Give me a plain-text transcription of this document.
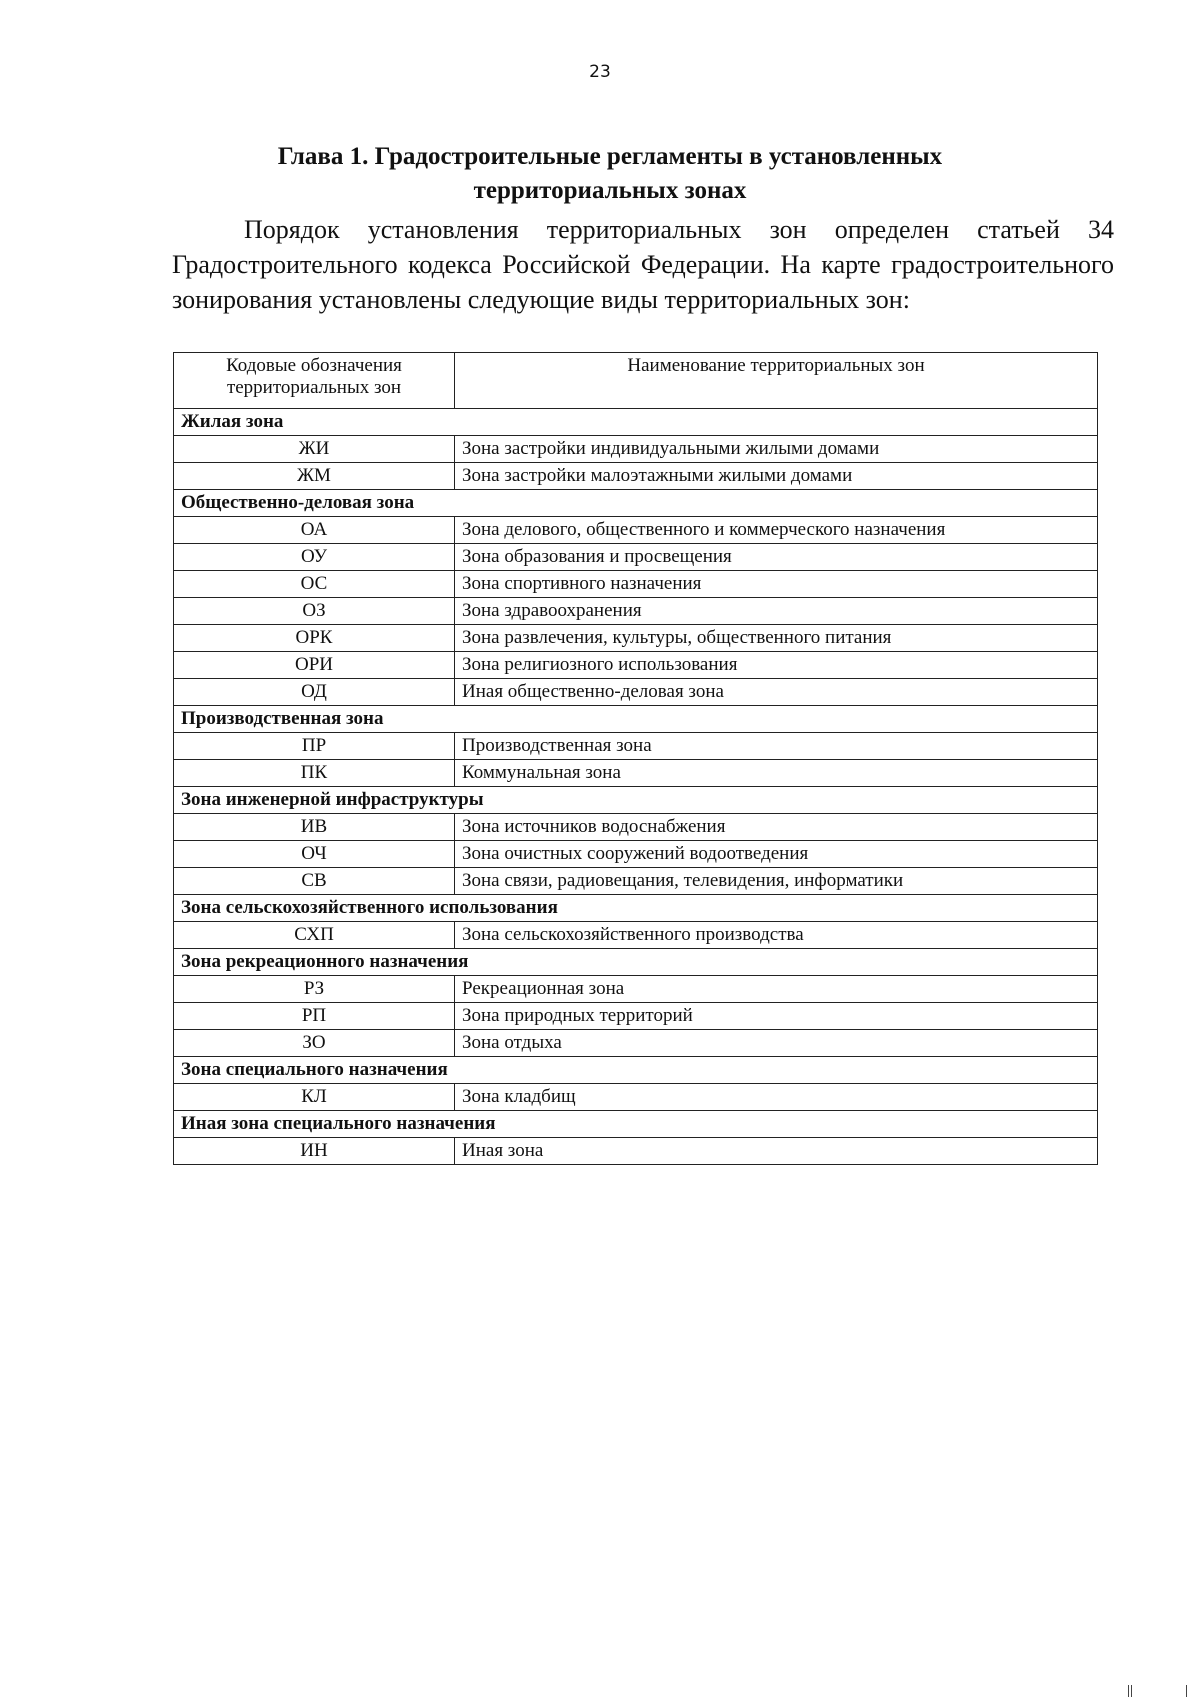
23
Глава 1. Градостроительные регламенты в установленных
территориальных зонах
Порядок установления территориальных зон определен статьей 34 Градостроительного кодекса Российской Федерации. На карте градостроительного зонирования установлены следующие виды территориальных зон:
Кодовые обозначения территориальных зон	Наименование территориальных зон
Жилая зона	
ЖИ	Зона застройки индивидуальными жилыми домами
ЖМ	Зона застройки малоэтажными жилыми домами
Общественно-деловая зона	
ОА	Зона делового, общественного и коммерческого назначения
ОУ	Зона образования и просвещения
ОС	Зона спортивного назначения
ОЗ	Зона здравоохранения
ОРК	Зона развлечения, культуры, общественного питания
ОРИ	Зона религиозного использования
ОД	Иная общественно-деловая зона
Производственная зона	
ПР	Производственная зона
ПК	Коммунальная зона
Зона инженерной инфраструктуры	
ИВ	Зона источников водоснабжения
ОЧ	Зона очистных сооружений водоотведения
СВ	Зона связи, радиовещания, телевидения, информатики
Зона сельскохозяйственного использования	
СХП	Зона сельскохозяйственного производства
Зона рекреационного назначения	
РЗ	Рекреационная зона
РП	Зона природных территорий
ЗО	Зона отдыха
Зона специального назначения	
КЛ	Зона кладбищ
Иная зона специального назначения	
ИН	Иная зона
